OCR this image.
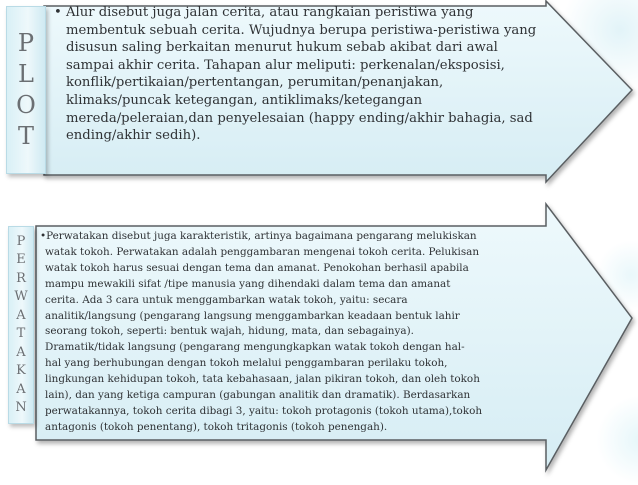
P
L
O
T
• Alur disebut juga jalan cerita, atau rangkaian peristiwa yang
membentuk sebuah cerita. Wujudnya berupa peristiwa-peristiwa yang
disusun saling berkaitan menurut hukum sebab akibat dari awal
sampai akhir cerita. Tahapan alur meliputi: perkenalan/eksposisi,
konflik/pertikaian/pertentangan, perumitan/penanjakan,
klimaks/puncak ketegangan, antiklimaks/ketegangan
mereda/peleraian,dan penyelesaian (happy ending/akhir bahagia, sad
ending/akhir sedih).
P
E
R
W
A
T
A
K
A
N
•Perwatakan disebut juga karakteristik, artinya bagaimana pengarang melukiskan
watak tokoh. Perwatakan adalah penggambaran mengenai tokoh cerita. Pelukisan
watak tokoh harus sesuai dengan tema dan amanat. Penokohan berhasil apabila
mampu mewakili sifat /tipe manusia yang dihendaki dalam tema dan amanat
cerita. Ada 3 cara untuk menggambarkan watak tokoh, yaitu: secara
analitik/langsung (pengarang langsung menggambarkan keadaan bentuk lahir
seorang tokoh, seperti: bentuk wajah, hidung, mata, dan sebagainya).
Dramatik/tidak langsung (pengarang mengungkapkan watak tokoh dengan hal-
hal yang berhubungan dengan tokoh melalui penggambaran perilaku tokoh,
lingkungan kehidupan tokoh, tata kebahasaan, jalan pikiran tokoh, dan oleh tokoh
lain), dan yang ketiga campuran (gabungan analitik dan dramatik). Berdasarkan
perwatakannya, tokoh cerita dibagi 3, yaitu: tokoh protagonis (tokoh utama),tokoh
antagonis (tokoh penentang), tokoh tritagonis (tokoh penengah).
